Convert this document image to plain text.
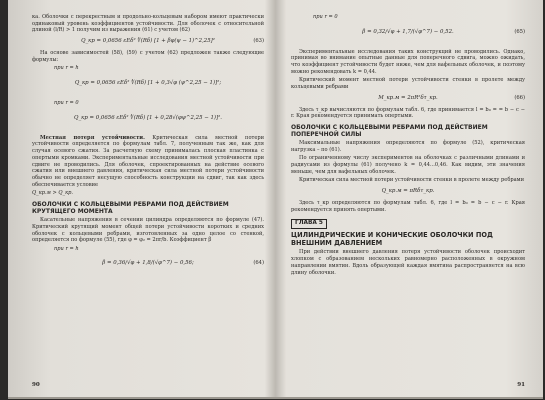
ка. Оболочки с перекрестным и продольно-кольцевым набором имеют практически одинаковый уровень коэффициентов устойчивости. Для оболочек с относительной длиной (l/R) > 1 получим из выражения (61) с учетом (62)

Q_кр = 0,0656 εEδ² ∜(Rδ) [1 + βφ(ψ − 1)^2,25]²	(63)

На основе зависимостей (58), (59) с учетом (62) предложен также следующие формулы:

при r = h
Q_кр = 0,0656 εEδ² ∜(Rδ) [1 + 0,3√φ (ψ^2,25 − 1)]²;
при r = 0
Q_кр = 0,0656 εEδ² ∜(Rδ) [1 + 0,28√(φψ^2,25 − 1)]².

Местная потеря устойчивости. Критическая сила местной потери устойчивости определяется по формулам табл. 7, полученным так же, как для случая осевого сжатия. За расчетную схему принималась плоская пластинка с опертыми кромками. Экспериментальные исследования местной устойчивости при сдвиге не проводились. Для оболочек, спроектированных на действие осевого сжатия или внешнего давления, критическая сила местной потери устойчивости обычно не определяет несущую способность конструкции на сдвиг, так как здесь обеспечивается условие

Q_кр.м > Q_кр.
ОБОЛОЧКИ С КОЛЬЦЕВЫМИ РЕБРАМИ ПОД ДЕЙСТВИЕМ КРУТЯЩЕГО МОМЕНТА

Касательные напряжения в сечении цилиндра определяются по формуле (47). Критический крутящий момент общей потери устойчивости коротких и средних оболочек с кольцевыми ребрами, изготовленных за одно целое со стенкой, определяется по формуле (55), где φ = φ₂ = 2πr/b. Коэффициент β

при r = h
β = 0,36/√φ + 1,8/(√φ^7) − 0,56;	(64)
90
при r = 0
β = 0,32/√φ + 1,7/(√φ^7) − 0,52.	(65)

Экспериментальные исследования таких конструкций не проводились. Однако, принимая во внимание опытные данные для поперечного сдвига, можно ожидать, что коэффициент устойчивости будет ниже, чем для вафельных оболочек, и поэтому можно рекомендовать k = 0,44.

Критический момент местной потери устойчивости стенки в пролете между кольцевыми ребрами

M_кр.м = 2πR²δτ_кр.	(66)

Здесь τ_кр вычисляются по формулам табл. 6, где принимается l = b₀ = = b − c − r. Края рекомендуется принимать опертыми.

ОБОЛОЧКИ С КОЛЬЦЕВЫМИ РЕБРАМИ ПОД ДЕЙСТВИЕМ ПОПЕРЕЧНОЙ СИЛЫ

Максимальные напряжения определяются по формуле (52), критическая нагрузка – по (61).

По ограниченному числу экспериментов на оболочках с различными длинами и радиусами из формулы (61) получено k = 0,44...0,46. Как видим, эти значения меньше, чем для вафельных оболочек.

Критическая сила местной потери устойчивости стенки в пролете между ребрами

Q_кр.м = πRδτ_кр.

Здесь τ_кр определяются по формулам табл. 6, где l = b₀ = b − c − r. Края рекомендуется принять опертыми.

ГЛАВА 5
ЦИЛИНДРИЧЕСКИЕ И КОНИЧЕСКИЕ ОБОЛОЧКИ ПОД ВНЕШНИМ ДАВЛЕНИЕМ

При действии внешнего давления потеря устойчивости оболочек происходит хлопком с образованием нескольких равномерно расположенных в окружном направлении вмятин. Вдоль образующей каждая вмятина распространяется на всю длину оболочки.

91
